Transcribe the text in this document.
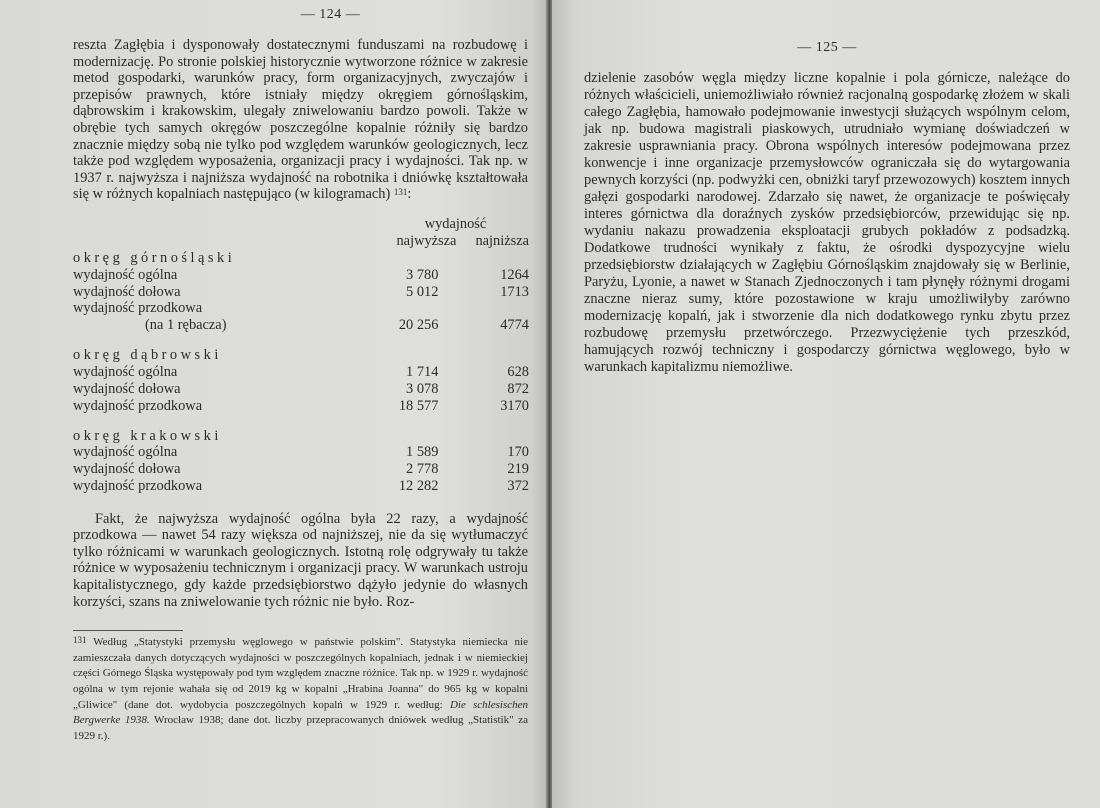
— 124 —

reszta Zagłębia i dysponowały dostatecznymi funduszami na rozbudowę i modernizację. Po stronie polskiej historycznie wytworzone różnice w zakresie metod gospodarki, warunków pracy, form organizacyjnych, zwyczajów i przepisów prawnych, które istniały między okręgiem górnośląskim, dąbrowskim i krakowskim, ulegały zniwelowaniu bardzo powoli. Także w obrębie tych samych okręgów poszczególne kopalnie różniły się bardzo znacznie między sobą nie tylko pod względem warunków geologicznych, lecz także pod względem wyposażenia, organizacji pracy i wydajności. Tak np. w 1937 r. najwyższa i najniższa wydajność na robotnika i dniówkę kształtowała się w różnych kopalniach następująco (w kilogramach) $^{131}$:

	wydajność	
	najwyższa	najniższa
okręg górnośląski		
wydajność ogólna	3 780	1264
wydajność dołowa	5 012	1713
wydajność przodkowa		
(na 1 rębacza)	20 256	4774
okręg dąbrowski		
wydajność ogólna	1 714	628
wydajność dołowa	3 078	872
wydajność przodkowa	18 577	3170
okręg krakowski		
wydajność ogólna	1 589	170
wydajność dołowa	2 778	219
wydajność przodkowa	12 282	372

Fakt, że najwyższa wydajność ogólna była 22 razy, a wydajność przodkowa — nawet 54 razy większa od najniższej, nie da się wytłumaczyć tylko różnicami w warunkach geologicznych. Istotną rolę odgrywały tu także różnice w wyposażeniu technicznym i organizacji pracy. W warunkach ustroju kapitalistycznego, gdy każde przedsiębiorstwo dążyło jedynie do własnych korzyści, szans na zniwelowanie tych różnic nie było. Roz-

$^{131}$ Według „Statystyki przemysłu węglowego w państwie polskim". Statystyka niemiecka nie zamieszczała danych dotyczących wydajności w poszczególnych kopalniach, jednak i w niemieckiej części Górnego Śląska występowały pod tym względem znaczne różnice. Tak np. w 1929 r. wydajność ogólna w tym rejonie wahała się od 2019 kg w kopalni „Hrabina Joanna" do 965 kg w kopalni „Gliwice" (dane dot. wydobycia poszczególnych kopalń w 1929 r. według: Die schlesischen Bergwerke 1938. Wrocław 1938; dane dot. liczby przepracowanych dniówek według „Statistik" za 1929 r.).

— 125 —

dzielenie zasobów węgla między liczne kopalnie i pola górnicze, należące do różnych właścicieli, uniemożliwiało również racjonalną gospodarkę złożem w skali całego Zagłębia, hamowało podejmowanie inwestycji służących wspólnym celom, jak np. budowa magistrali piaskowych, utrudniało wymianę doświadczeń w zakresie usprawniania pracy. Obrona wspólnych interesów podejmowana przez konwencje i inne organizacje przemysłowców ograniczała się do wytargowania pewnych korzyści (np. podwyżki cen, obniżki taryf przewozowych) kosztem innych gałęzi gospodarki narodowej. Zdarzało się nawet, że organizacje te poświęcały interes górnictwa dla doraźnych zysków przedsiębiorców, przewidując się np. wydaniu nakazu prowadzenia eksploatacji grubych pokładów z podsadzką. Dodatkowe trudności wynikały z faktu, że ośrodki dyspozycyjne wielu przedsiębiorstw działających w Zagłębiu Górnośląskim znajdowały się w Berlinie, Paryżu, Lyonie, a nawet w Stanach Zjednoczonych i tam płynęły różnymi drogami znaczne nieraz sumy, które pozostawione w kraju umożliwiłyby zarówno modernizację kopalń, jak i stworzenie dla nich dodatkowego rynku zbytu przez rozbudowę przemysłu przetwórczego. Przezwyciężenie tych przeszkód, hamujących rozwój techniczny i gospodarczy górnictwa węglowego, było w warunkach kapitalizmu niemożliwe.
